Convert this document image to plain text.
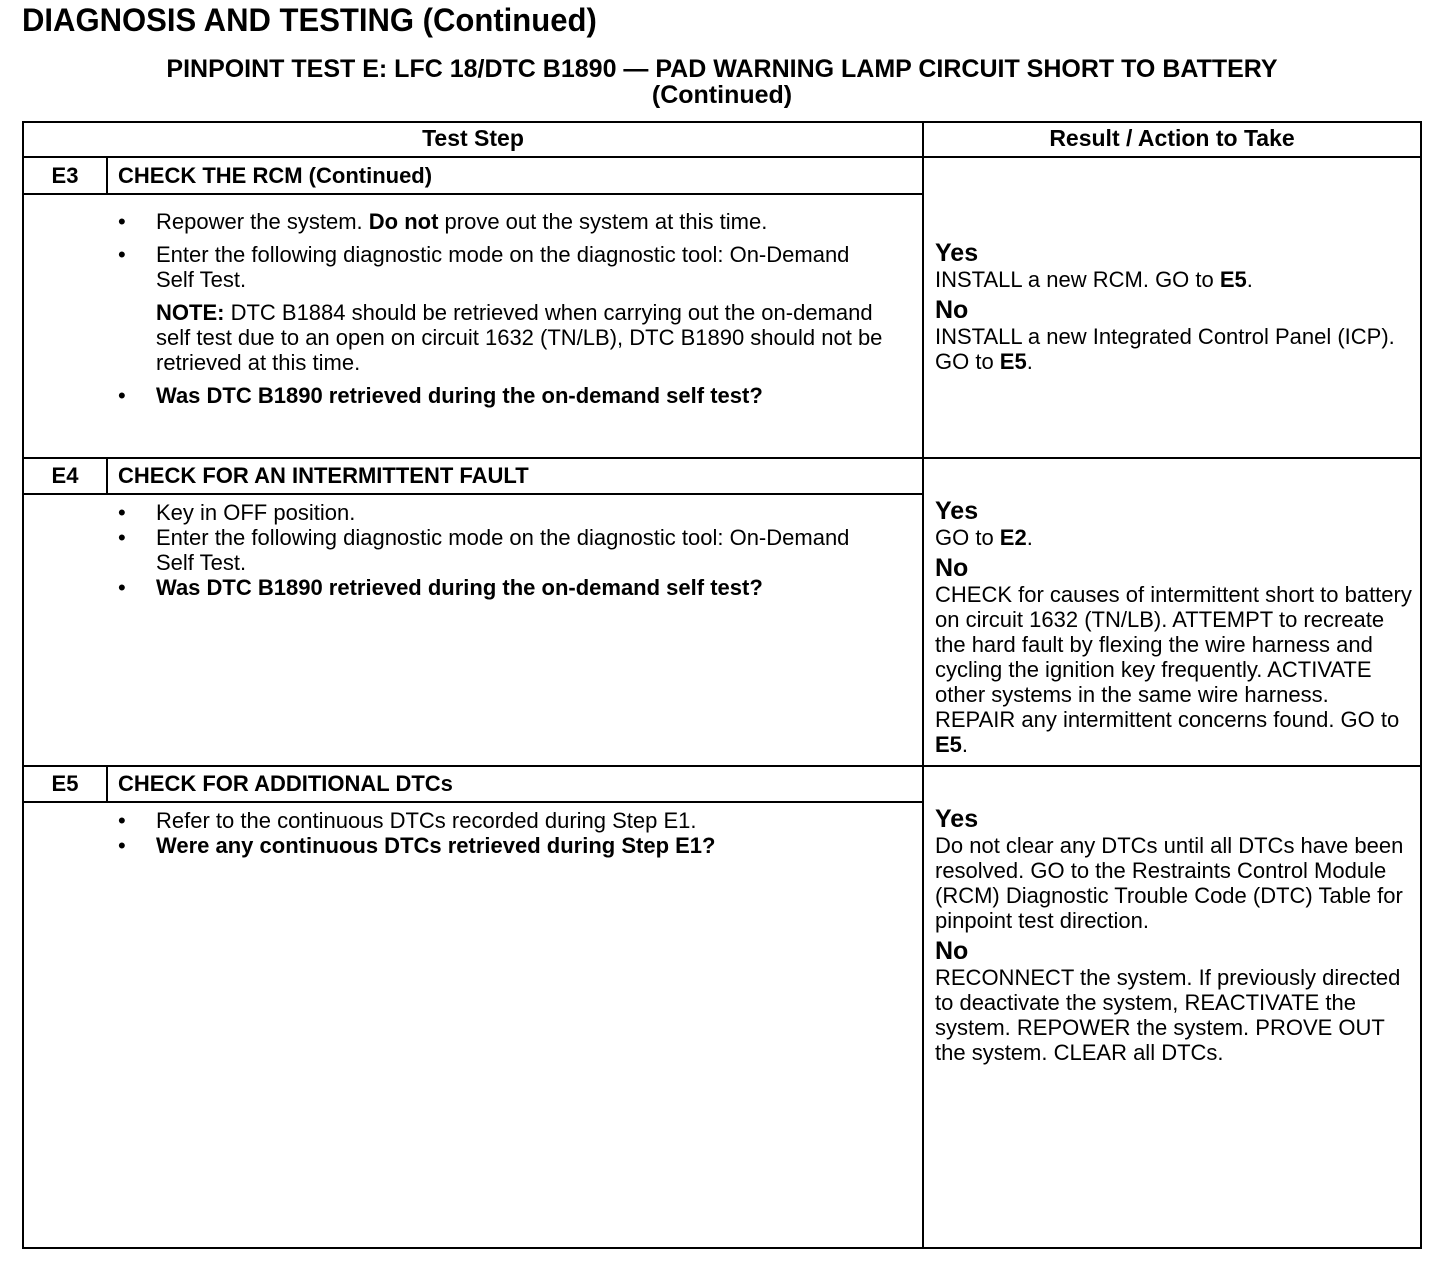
DIAGNOSIS AND TESTING (Continued)
PINPOINT TEST E: LFC 18/DTC B1890 — PAD WARNING LAMP CIRCUIT SHORT TO BATTERY
(Continued)
Test Step	Result / Action to Take
E3	CHECK THE RCM (Continued)
• Repower the system. Do not prove out the system at this time.
• Enter the following diagnostic mode on the diagnostic tool: On-Demand Self Test.
NOTE: DTC B1884 should be retrieved when carrying out the on-demand self test due to an open on circuit 1632 (TN/LB), DTC B1890 should not be retrieved at this time.
• Was DTC B1890 retrieved during the on-demand self test?

Yes
INSTALL a new RCM. GO to E5.

No
INSTALL a new Integrated Control Panel (ICP). GO to E5.

E4	CHECK FOR AN INTERMITTENT FAULT
• Key in OFF position.
• Enter the following diagnostic mode on the diagnostic tool: On-Demand Self Test.
• Was DTC B1890 retrieved during the on-demand self test?

Yes
GO to E2.

No
CHECK for causes of intermittent short to battery on circuit 1632 (TN/LB). ATTEMPT to recreate the hard fault by flexing the wire harness and cycling the ignition key frequently. ACTIVATE other systems in the same wire harness. REPAIR any intermittent concerns found. GO to E5.

E5	CHECK FOR ADDITIONAL DTCs
• Refer to the continuous DTCs recorded during Step E1.
• Were any continuous DTCs retrieved during Step E1?

Yes
Do not clear any DTCs until all DTCs have been resolved. GO to the Restraints Control Module (RCM) Diagnostic Trouble Code (DTC) Table for pinpoint test direction.

No
RECONNECT the system. If previously directed to deactivate the system, REACTIVATE the system. REPOWER the system. PROVE OUT the system. CLEAR all DTCs.
